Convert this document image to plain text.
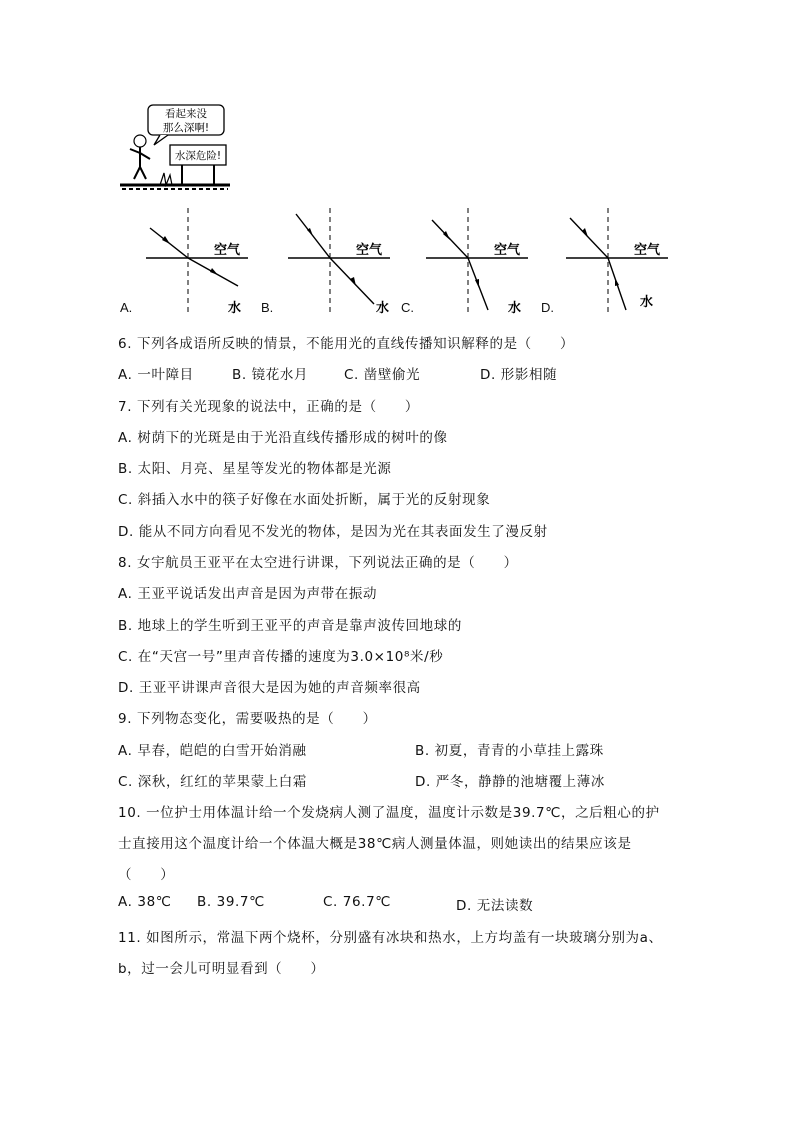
看起来没
那么深啊!
水深危险!
空气
水
空气
水
空气
水
空气
水
A.	B.	C.	D.
6. 下列各成语所反映的情景，不能用光的直线传播知识解释的是（　　）
A. 一叶障目	B. 镜花水月	C. 凿壁偷光	D. 形影相随
7. 下列有关光现象的说法中，正确的是（　　）
A. 树荫下的光斑是由于光沿直线传播形成的树叶的像
B. 太阳、月亮、星星等发光的物体都是光源
C. 斜插入水中的筷子好像在水面处折断，属于光的反射现象
D. 能从不同方向看见不发光的物体，是因为光在其表面发生了漫反射
8. 女宇航员王亚平在太空进行讲课，下列说法正确的是（　　）
A. 王亚平说话发出声音是因为声带在振动
B. 地球上的学生听到王亚平的声音是靠声波传回地球的
C. 在“天宫一号”里声音传播的速度为3.0×10⁸米/秒
D. 王亚平讲课声音很大是因为她的声音频率很高
9. 下列物态变化，需要吸热的是（　　）
A. 早春，皑皑的白雪开始消融	B. 初夏，青青的小草挂上露珠
C. 深秋，红红的苹果蒙上白霜	D. 严冬，静静的池塘覆上薄冰
10. 一位护士用体温计给一个发烧病人测了温度，温度计示数是39.7℃，之后粗心的护
士直接用这个温度计给一个体温大概是38℃病人测量体温，则她读出的结果应该是
（　　）
A. 38℃ B. 39.7℃	C. 76.7℃	D. 无法读数
11. 如图所示，常温下两个烧杯，分别盛有冰块和热水，上方均盖有一块玻璃分别为a、
b，过一会儿可明显看到（　　）
